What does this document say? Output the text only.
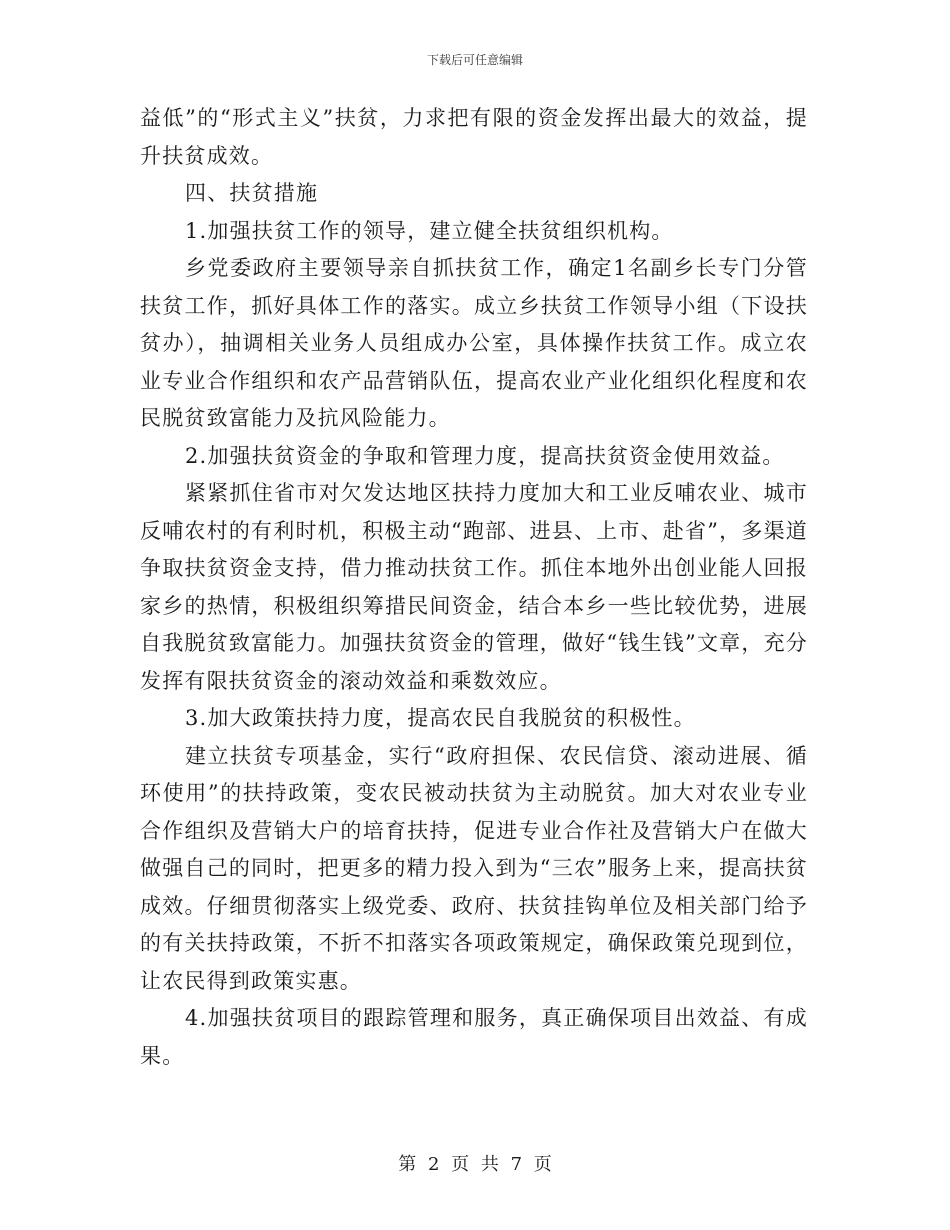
下载后可任意编辑

益低”的“形式主义”扶贫，力求把有限的资金发挥出最大的效益，提升扶贫成效。

四、扶贫措施

1.加强扶贫工作的领导，建立健全扶贫组织机构。

乡党委政府主要领导亲自抓扶贫工作，确定1名副乡长专门分管扶贫工作，抓好具体工作的落实。成立乡扶贫工作领导小组（下设扶贫办），抽调相关业务人员组成办公室，具体操作扶贫工作。成立农业专业合作组织和农产品营销队伍，提高农业产业化组织化程度和农民脱贫致富能力及抗风险能力。

2.加强扶贫资金的争取和管理力度，提高扶贫资金使用效益。

紧紧抓住省市对欠发达地区扶持力度加大和工业反哺农业、城市反哺农村的有利时机，积极主动“跑部、进县、上市、赴省”，多渠道争取扶贫资金支持，借力推动扶贫工作。抓住本地外出创业能人回报家乡的热情，积极组织筹措民间资金，结合本乡一些比较优势，进展自我脱贫致富能力。加强扶贫资金的管理，做好“钱生钱”文章，充分发挥有限扶贫资金的滚动效益和乘数效应。

3.加大政策扶持力度，提高农民自我脱贫的积极性。

建立扶贫专项基金，实行“政府担保、农民信贷、滚动进展、循环使用”的扶持政策，变农民被动扶贫为主动脱贫。加大对农业专业合作组织及营销大户的培育扶持，促进专业合作社及营销大户在做大做强自己的同时，把更多的精力投入到为“三农”服务上来，提高扶贫成效。仔细贯彻落实上级党委、政府、扶贫挂钩单位及相关部门给予的有关扶持政策，不折不扣落实各项政策规定，确保政策兑现到位，让农民得到政策实惠。

4.加强扶贫项目的跟踪管理和服务，真正确保项目出效益、有成果。

第 2 页 共 7 页
